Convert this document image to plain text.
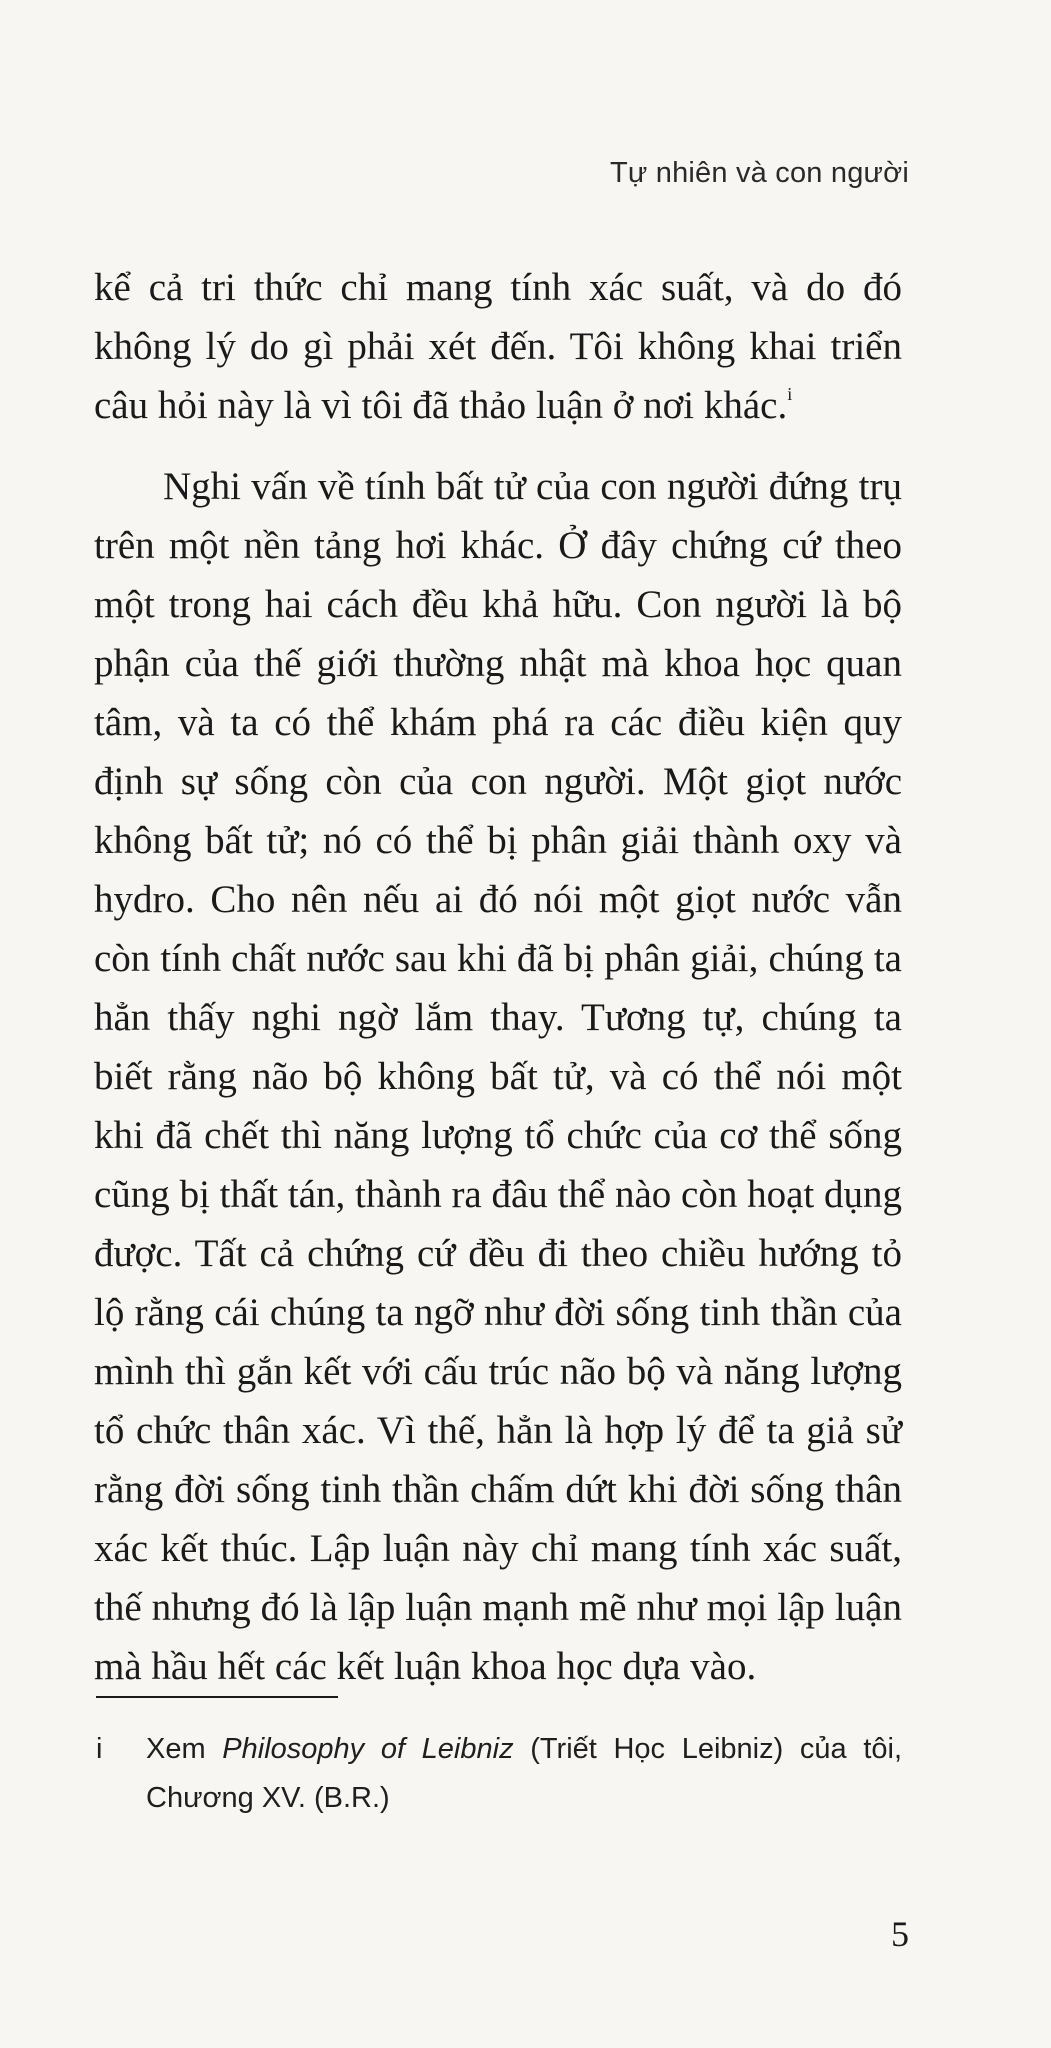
Tự nhiên và con người

kể cả tri thức chỉ mang tính xác suất, và do đó không lý do gì phải xét đến. Tôi không khai triển câu hỏi này là vì tôi đã thảo luận ở nơi khác.$^i$

Nghi vấn về tính bất tử của con người đứng trụ trên một nền tảng hơi khác. Ở đây chứng cứ theo một trong hai cách đều khả hữu. Con người là bộ phận của thế giới thường nhật mà khoa học quan tâm, và ta có thể khám phá ra các điều kiện quy định sự sống còn của con người. Một giọt nước không bất tử; nó có thể bị phân giải thành oxy và hydro. Cho nên nếu ai đó nói một giọt nước vẫn còn tính chất nước sau khi đã bị phân giải, chúng ta hẳn thấy nghi ngờ lắm thay. Tương tự, chúng ta biết rằng não bộ không bất tử, và có thể nói một khi đã chết thì năng lượng tổ chức của cơ thể sống cũng bị thất tán, thành ra đâu thể nào còn hoạt dụng được. Tất cả chứng cứ đều đi theo chiều hướng tỏ lộ rằng cái chúng ta ngỡ như đời sống tinh thần của mình thì gắn kết với cấu trúc não bộ và năng lượng tổ chức thân xác. Vì thế, hẳn là hợp lý để ta giả sử rằng đời sống tinh thần chấm dứt khi đời sống thân xác kết thúc. Lập luận này chỉ mang tính xác suất, thế nhưng đó là lập luận mạnh mẽ như mọi lập luận mà hầu hết các kết luận khoa học dựa vào.

i	Xem Philosophy of Leibniz (Triết Học Leibniz) của tôi, Chương XV. (B.R.)
5
